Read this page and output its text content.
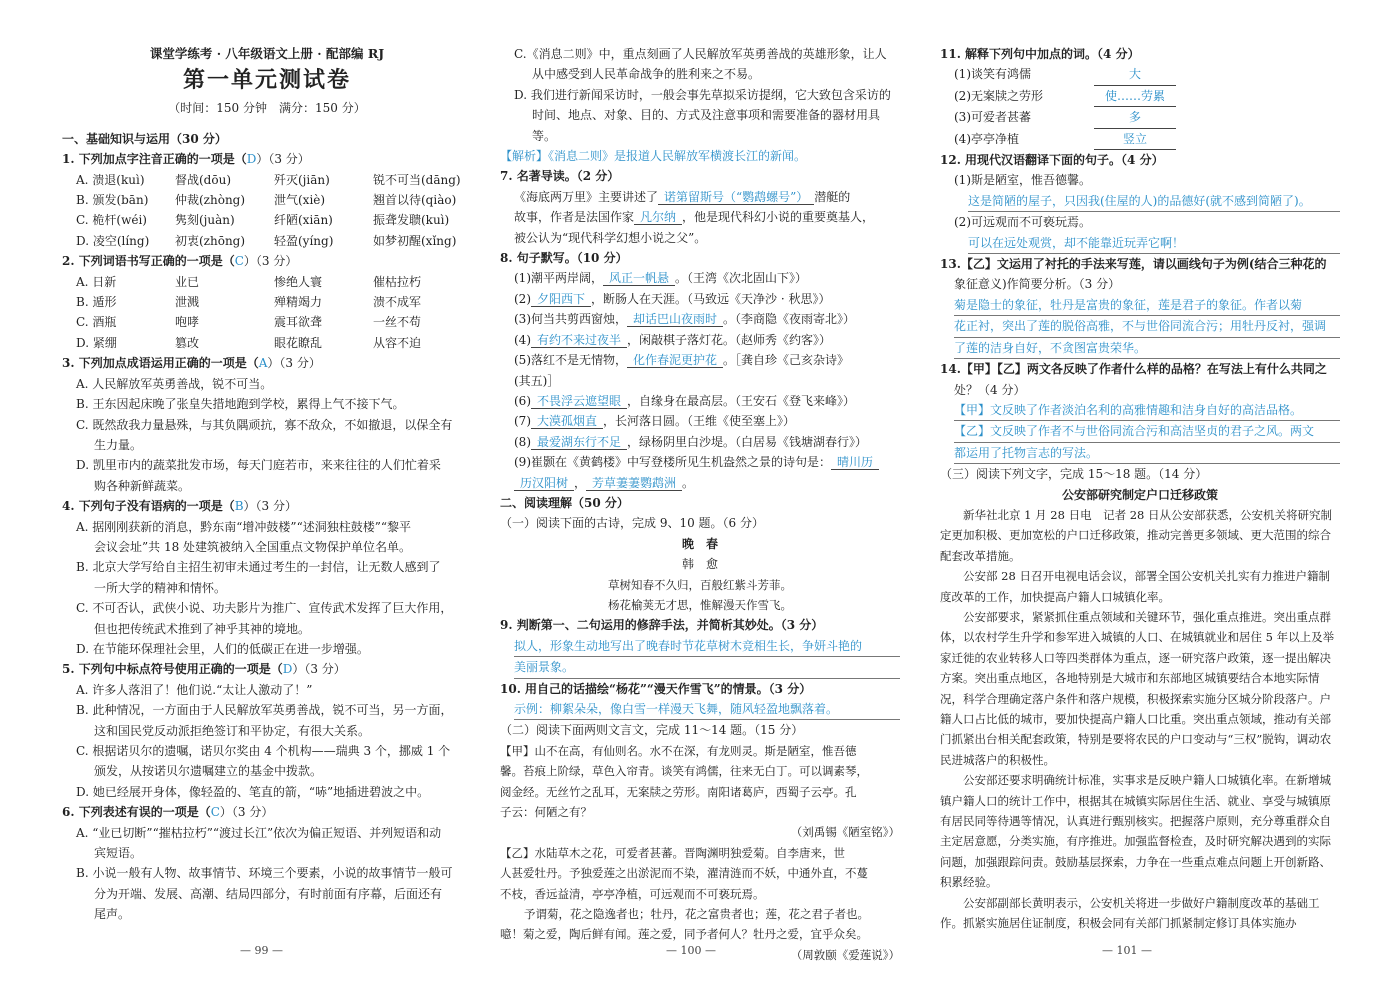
课堂学练考 · 八年级语文上册 · 配部编 RJ
第一单元测试卷
（时间：150 分钟　满分：150 分）
一、基础知识与运用（30 分）
1. 下列加点字注音正确的一项是（D）（3 分）
A. 溃退(kuì)	督战(dōu)	歼灭(jiān)	锐不可当(dāng)
B. 颁发(bān)	仲裁(zhòng)	泄气(xiè)	翘首以待(qiào)
C. 桅杆(wéi)	隽刻(juàn)	纤陋(xiān)	振聋发聩(kuì)
D. 凌空(líng)	初衷(zhōng)	轻盈(yíng)	如梦初醒(xǐng)
2. 下列词语书写正确的一项是（C）（3 分）
A. 日新	业已	惨绝人寰	催枯拉朽
B. 遁形	泄溅	殚精竭力	溃不成军
C. 酒瓶	咆哮	震耳欲聋	一丝不苟
D. 紧绷	篡改	眼花瞭乱	从容不迫
3. 下列加点成语运用正确的一项是（A）（3 分）
A. 人民解放军英勇善战，锐不可当。
B. 王东因起床晚了张皇失措地跑到学校，累得上气不接下气。
C. 既然敌我力量悬殊，与其负隅顽抗，寡不敌众，不如撤退，以保全有
生力量。
D. 凯里市内的蔬菜批发市场，每天门庭若市，来来往往的人们忙着采
购各种新鲜蔬菜。
4. 下列句子没有语病的一项是（B）（3 分）
A. 据刚刚获新的消息，黔东南“增冲鼓楼”“述洞独柱鼓楼”“黎平
会议会址”共 18 处建筑被纳入全国重点文物保护单位名单。
B. 北京大学写给自主招生初审未通过考生的一封信，让无数人感到了
一所大学的精神和情怀。
C. 不可否认，武侠小说、功夫影片为推广、宣传武术发挥了巨大作用，
但也把传统武术推到了神乎其神的境地。
D. 在节能环保理社会里，人们的低碳正在进一步增强。
5. 下列句中标点符号使用正确的一项是（D）（3 分）
A. 许多人落泪了！他们说.“太让人激动了！”
B. 此种情况，一方面由于人民解放军英勇善战，锐不可当，另一方面，
这和国民党反动派拒绝签订和平协定，有很大关系。
C. 根据诺贝尔的遗嘱，诺贝尔奖由 4 个机构——瑞典 3 个，挪威 1 个
颁发，从按诺贝尔遗嘱建立的基金中拨款。
D. 她已经展开身体，像轻盈的、笔直的箭，“哧”地插进碧波之中。
6. 下列表述有误的一项是（C）（3 分）
A. “业已切断”“摧枯拉朽”“渡过长江”依次为偏正短语、并列短语和动
宾短语。
B. 小说一般有人物、故事情节、环境三个要素，小说的故事情节一般可
分为开端、发展、高潮、结局四部分，有时前面有序幕，后面还有
尾声。
— 99 —
C.《消息二则》中，重点刻画了人民解放军英勇善战的英雄形象，让人
从中感受到人民革命战争的胜利来之不易。
D. 我们进行新闻采访时，一般会事先草拟采访提纲，它大致包含采访的
时间、地点、对象、目的、方式及注意事项和需要准备的器材用具等。
【解析】《消息二则》是报道人民解放军横渡长江的新闻。
7. 名著导读。（2 分）
《海底两万里》主要讲述了 诺第留斯号（“鹦鹉螺号”） 潜艇的
故事，作者是法国作家 凡尔纳 ，他是现代科幻小说的重要奠基人，
被公认为“现代科学幻想小说之父”。
8. 句子默写。（10 分）
(1)潮平两岸阔， 风正一帆悬 。（王湾《次北固山下》）
(2) 夕阳西下 ，断肠人在天涯。（马致远《天净沙 · 秋思》）
(3)何当共剪西窗烛， 却话巴山夜雨时 。（李商隐《夜雨寄北》）
(4) 有约不来过夜半 ，闲敲棋子落灯花。（赵师秀《约客》）
(5)落红不是无情物， 化作春泥更护花 。［龚自珍《己亥杂诗》
(其五)］
(6) 不畏浮云遮望眼 ，自缘身在最高层。（王安石《登飞来峰》）
(7) 大漠孤烟直 ，长河落日圆。（王维《使至塞上》）
(8) 最爱湖东行不足 ，绿杨阴里白沙堤。（白居易《钱塘湖春行》）
(9)崔颢在《黄鹤楼》中写登楼所见生机盎然之景的诗句是： 晴川历
历汉阳树 ， 芳草萋萋鹦鹉洲 。
二、阅读理解（50 分）
（一）阅读下面的古诗，完成 9、10 题。（6 分）
晚　春
韩　愈
草树知春不久归，百般红紫斗芳菲。
杨花榆荚无才思，惟解漫天作雪飞。
9. 判断第一、二句运用的修辞手法，并简析其妙处。（3 分）
拟人，形象生动地写出了晚春时节花草树木竞相生长，争妍斗艳的
美丽景象。
10. 用自己的话描绘“杨花”“漫天作雪飞”的情景。（3 分）
示例：柳絮朵朵，像白雪一样漫天飞舞，随风轻盈地飘落着。
（二）阅读下面两则文言文，完成 11～14 题。（15 分）
【甲】山不在高，有仙则名。水不在深，有龙则灵。斯是陋室，惟吾德
馨。苔痕上阶绿，草色入帘青。谈笑有鸿儒，往来无白丁。可以调素琴，
阅金经。无丝竹之乱耳，无案牍之劳形。南阳诸葛庐，西蜀子云亭。孔
子云：何陋之有？
（刘禹锡《陋室铭》）
【乙】水陆草木之花，可爱者甚蕃。晋陶渊明独爱菊。自李唐来，世
人甚爱牡丹。予独爱莲之出淤泥而不染，濯清涟而不妖，中通外直，不蔓
不枝，香远益清，亭亭净植，可远观而不可亵玩焉。
予谓菊，花之隐逸者也；牡丹，花之富贵者也；莲，花之君子者也。
噫！菊之爱，陶后鲜有闻。莲之爱，同予者何人？牡丹之爱，宜乎众矣。
（周敦颐《爱莲说》）
— 100 —
11. 解释下列句中加点的词。（4 分）
(1)谈笑有鸿儒	大
(2)无案牍之劳形	使……劳累
(3)可爱者甚蕃	多
(4)亭亭净植	竖立
12. 用现代汉语翻译下面的句子。（4 分）
(1)斯是陋室，惟吾德馨。
这是简陋的屋子，只因我(住屋的人)的品德好(就不感到简陋了)。
(2)可远观而不可亵玩焉。
可以在远处观赏，却不能靠近玩弄它啊！
13.【乙】文运用了衬托的手法来写莲，请以画线句子为例(结合三种花的
象征意义)作简要分析。（3 分）
菊是隐士的象征，牡丹是富贵的象征，莲是君子的象征。作者以菊
花正衬，突出了莲的脱俗高雅，不与世俗同流合污；用牡丹反衬，强调
了莲的洁身自好，不贪图富贵荣华。
14.【甲】【乙】两文各反映了作者什么样的品格？在写法上有什么共同之
处？（4 分）
【甲】文反映了作者淡泊名利的高雅情趣和洁身自好的高洁品格。
【乙】文反映了作者不与世俗同流合污和高洁坚贞的君子之风。两文
都运用了托物言志的写法。
（三）阅读下列文字，完成 15～18 题。（14 分）
公安部研究制定户口迁移政策
新华社北京 1 月 28 日电　记者 28 日从公安部获悉，公安机关将研究制定更加积极、更加宽松的户口迁移政策，推动完善更多领域、更大范围的综合配套改革措施。
公安部 28 日召开电视电话会议，部署全国公安机关扎实有力推进户籍制度改革的工作，加快提高户籍人口城镇化率。
公安部要求，紧紧抓住重点领域和关键环节，强化重点推进。突出重点群体，以农村学生升学和参军进入城镇的人口、在城镇就业和居住 5 年以上及举家迁徙的农业转移人口等四类群体为重点，逐一研究落户政策，逐一提出解决方案。突出重点地区，各地特别是大城市和东部地区城镇要结合本地实际情况，科学合理确定落户条件和落户规模，积极探索实施分区城分阶段落户。户籍人口占比低的城市，要加快提高户籍人口比重。突出重点领域，推动有关部门抓紧出台相关配套政策，特别是要将农民的户口变动与“三权”脱钩，调动农民进城落户的积极性。
公安部还要求明确统计标准，实事求是反映户籍人口城镇化率。在新增城镇户籍人口的统计工作中，根据其在城镇实际居住生活、就业、享受与城镇原有居民同等待遇等情况，认真进行甄别核实。把握落户原则，充分尊重群众自主定居意愿，分类实施，有序推进。加强监督检查，及时研究解决遇到的实际问题，加强跟踪问责。鼓励基层探索，力争在一些重点难点问题上开创新路、积累经验。
公安部副部长黄明表示，公安机关将进一步做好户籍制度改革的基础工作。抓紧实施居住证制度，积极会同有关部门抓紧制定修订具体实施办
— 101 —
